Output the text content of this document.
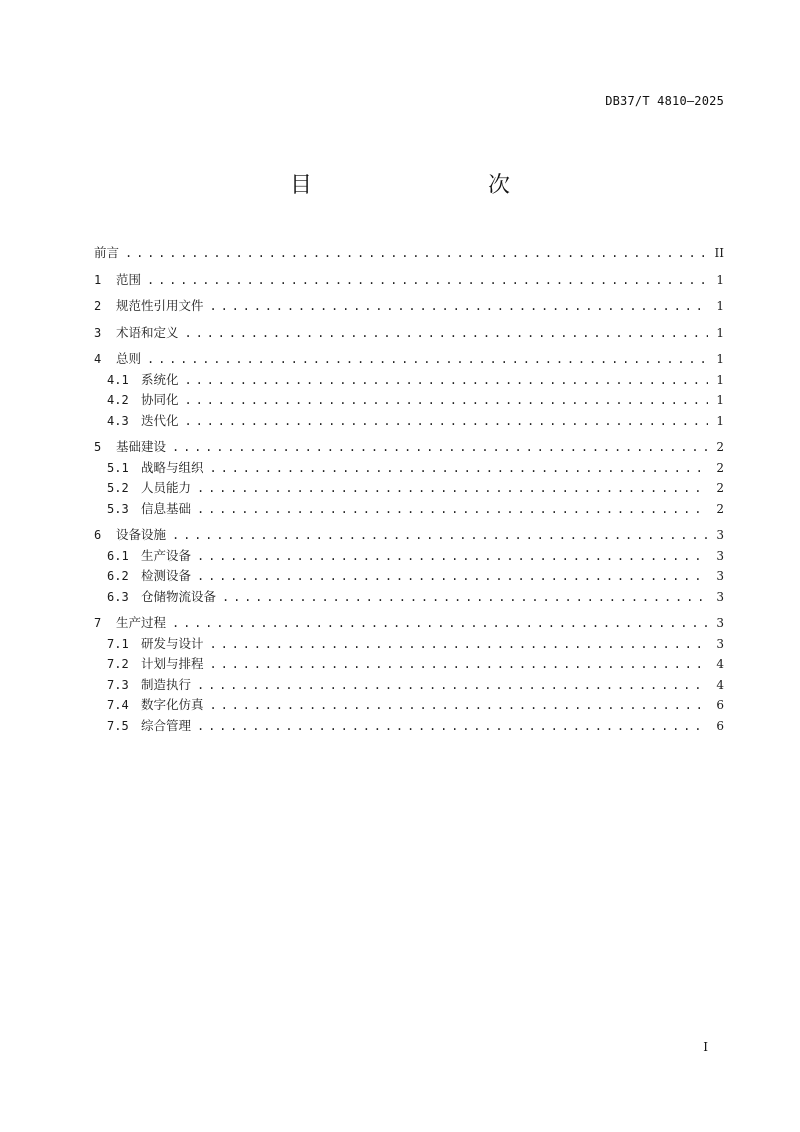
DB37/T 4810—2025
目　　次
前言 . . .	II
1	范围 . . .	1
2	规范性引用文件 . . .	1
3	术语和定义 . . .	1
4	总则 . . .	1
4.1 系统化 . . .	1
4.2 协同化 . . .	1
4.3 迭代化 . . .	1
5	基础建设 . . .	2
5.1 战略与组织 . . .	2
5.2 人员能力 . . .	2
5.3 信息基础 . . .	2
6	设备设施 . . .	3
6.1 生产设备 . . .	3
6.2 检测设备 . . .	3
6.3 仓储物流设备 . . .	3
7	生产过程 . . .	3
7.1 研发与设计 . . .	3
7.2 计划与排程 . . .	4
7.3 制造执行 . . .	4
7.4 数字化仿真 . . .	6
7.5 综合管理 . . .	6
I
